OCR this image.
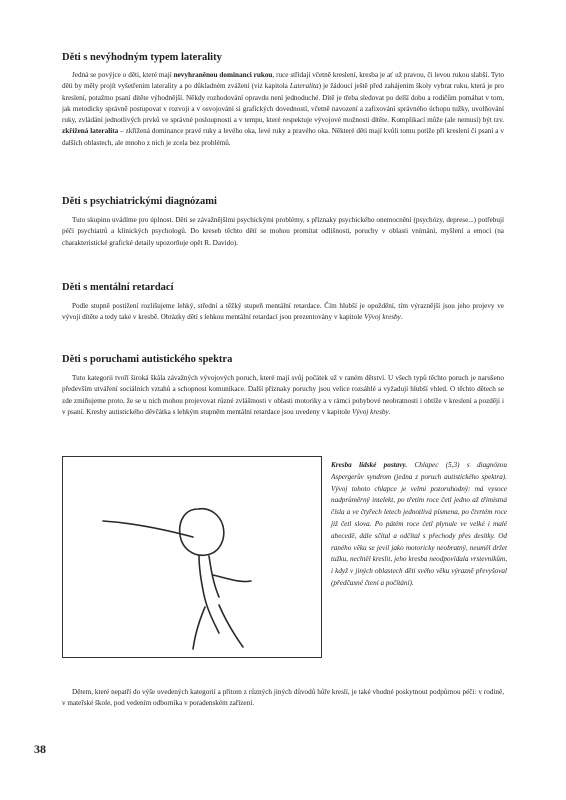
Děti s nevýhodným typem laterality

Jedná se povýjce o děti, které mají nevyhraněnou dominanci rukou, ruce střídají včetně kreslení, kresba je ať už pravou, či levou rukou slabší. Tyto děti by měly projít vyšetřením laterality a po důkladném zvážení (viz kapitola Lateralita) je žádoucí ještě před zahájením školy vybrat ruku, která je pro kreslení, potažmo psaní dítěte výhodnější. Někdy rozhodování opravdu není jednoduché. Dítě je třeba sledovat po delší dobu a rodičům pomáhat v tom, jak metodicky správně postupovat v rozvoji a v osvojování si grafických dovedností, včetně navození a zafixování správného úchopu tužky, uvolňování ruky, zvládání jednotlivých prvků ve správné posloupnosti a v tempu, které respektuje vývojové možnosti dítěte. Komplikací může (ale nemusí) být tzv. zkřížená lateralita – zkřížená dominance pravé ruky a levého oka, levé ruky a pravého oka. Některé děti mají kvůli tomu potíže při kreslení či psaní a v dalších oblastech, ale mnoho z nich je zcela bez problémů.

Děti s psychiatrickými diagnózami

Tuto skupinu uvádíme pro úplnost. Děti se závažnějšími psychickými problémy, s příznaky psychického onemocnění (psychózy, deprese...) potřebují péči psychiatrů a klinických psychologů. Do kreseb těchto dětí se mohou promítat odlišnosti, poruchy v oblasti vnímání, myšlení a emocí (na charakteristické grafické detaily upozorňuje opět R. Davido).

Děti s mentální retardací

Podle stupně postižení rozlišujeme lehký, střední a těžký stupeň mentální retardace. Čím hlubší je opoždění, tím výraznější jsou jeho projevy ve vývoji dítěte a tedy také v kresbě. Obrázky dětí s lehkou mentální retardací jsou prezentovány v kapitole Vývoj kresby.

Děti s poruchami autistického spektra

Tuto kategorii tvoří široká škála závažných vývojových poruch, které mají svůj počátek už v raném dětství. U všech typů těchto poruch je narušeno především utváření sociálních vztahů a schopnost komunikace. Další příznaky poruchy jsou velice rozsáhlé a vyžadují hlubší vhled. O těchto dětech se zde zmiňujeme proto, že se u nich mohou projevovat různé zvláštnosti v oblasti motoriky a v rámci pohybové neobratnosti i obtíže v kreslení a později i v psaní. Kresby autistického děvčátka s lehkým stupněm mentální retardace jsou uvedeny v kapitole Vývoj kresby.

Kresba lidské postavy. Chlapec (5,3) s diagnózou Aspergerův syndrom (jedna z poruch autistického spektra). Vývoj tohoto chlapce je velmi pozoruhodný: má vysoce nadprůměrný intelekt, po třetím roce četl jedno až třímístná čísla a ve čtyřech letech jednotlivá písmena, po čtvrtém roce již četl slova. Po pátém roce četl plynule ve velké i malé abecedě, dále sčítal a odčítal s přechody přes desítky. Od raného věku se jevil jako motoricky neobratný, neuměl držet tužku, nechtěl kreslit, jeho kresba neodpovídala vrstevníkům, i když v jiných oblastech děti svého věku výrazně převyšoval (předčasné čtení a počítání).

Dětem, které nepatří do výše uvedených kategorií a přitom z různých jiných důvodů hůře kreslí, je také vhodné poskytnout podpůrnou péči: v rodině, v mateřské škole, pod vedením odborníka v poradenském zařízení.

38
